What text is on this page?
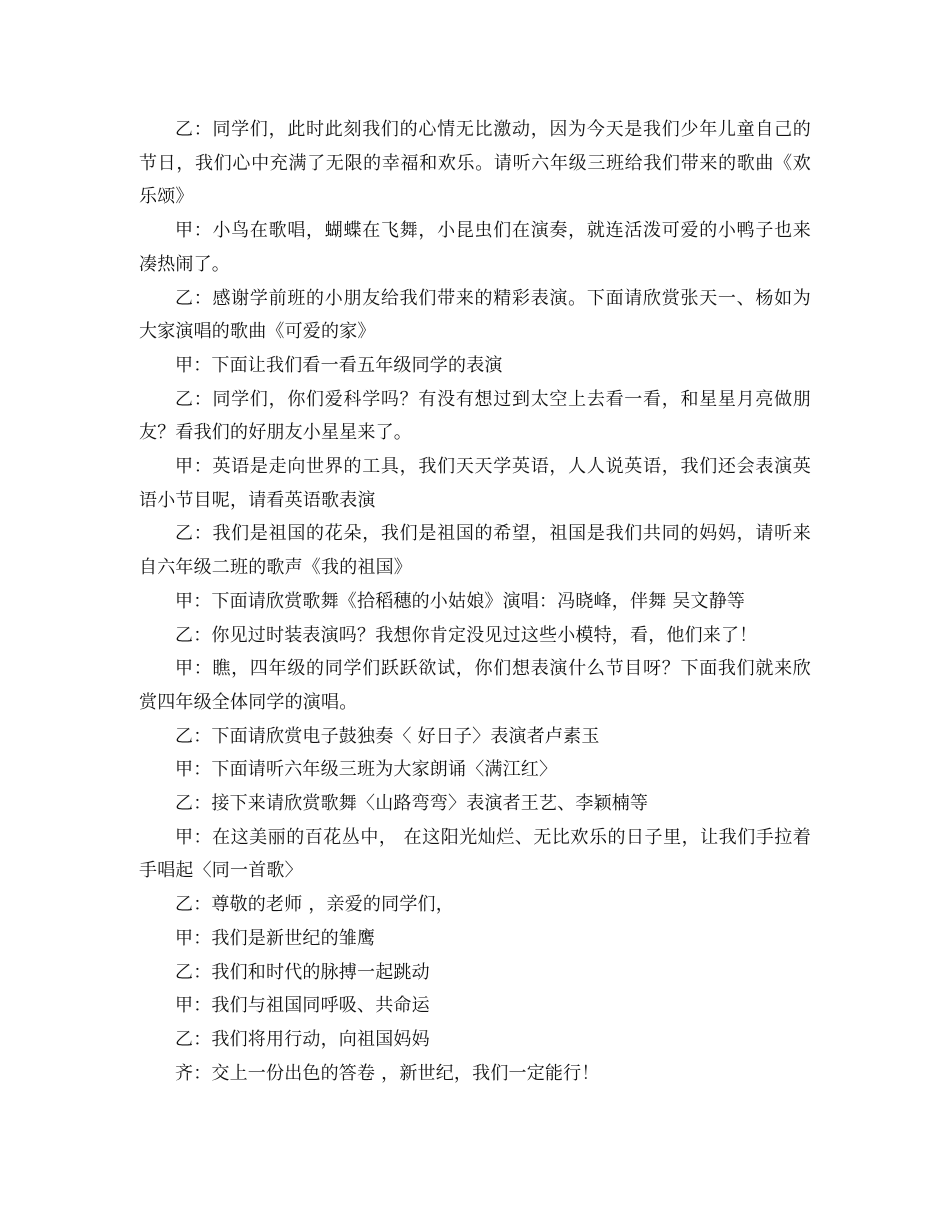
乙：同学们，此时此刻我们的心情无比激动，因为今天是我们少年儿童自己的节日，我们心中充满了无限的幸福和欢乐。请听六年级三班给我们带来的歌曲《欢乐颂》

甲：小鸟在歌唱，蝴蝶在飞舞，小昆虫们在演奏，就连活泼可爱的小鸭子也来凑热闹了。

乙：感谢学前班的小朋友给我们带来的精彩表演。下面请欣赏张天一、杨如为大家演唱的歌曲《可爱的家》

甲：下面让我们看一看五年级同学的表演

乙：同学们，你们爱科学吗？有没有想过到太空上去看一看，和星星月亮做朋友？看我们的好朋友小星星来了。

甲：英语是走向世界的工具，我们天天学英语，人人说英语，我们还会表演英语小节目呢，请看英语歌表演

乙：我们是祖国的花朵，我们是祖国的希望，祖国是我们共同的妈妈，请听来自六年级二班的歌声《我的祖国》

甲：下面请欣赏歌舞《拾稻穗的小姑娘》演唱：冯晓峰，伴舞 吴文静等

乙：你见过时装表演吗？我想你肯定没见过这些小模特，看，他们来了！

甲：瞧，四年级的同学们跃跃欲试，你们想表演什么节目呀？下面我们就来欣赏四年级全体同学的演唱。

乙：下面请欣赏电子鼓独奏〈 好日子〉表演者卢素玉

甲：下面请听六年级三班为大家朗诵〈满江红〉

乙：接下来请欣赏歌舞〈山路弯弯〉表演者王艺、李颖楠等

甲：在这美丽的百花丛中， 在这阳光灿烂、无比欢乐的日子里，让我们手拉着手唱起〈同一首歌〉

乙：尊敬的老师 ，亲爱的同学们，

甲：我们是新世纪的雏鹰

乙：我们和时代的脉搏一起跳动

甲：我们与祖国同呼吸、共命运

乙：我们将用行动，向祖国妈妈

齐：交上一份出色的答卷 ，新世纪，我们一定能行！
